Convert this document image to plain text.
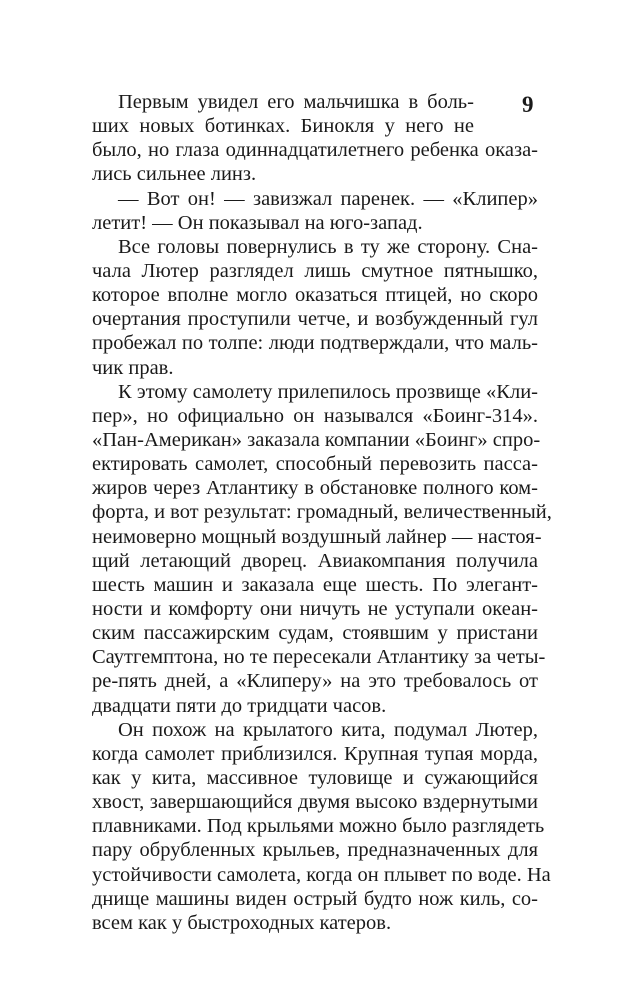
9
Первым увидел его мальчишка в боль-
ших новых ботинках. Бинокля у него не
было, но глаза одиннадцатилетнего ребенка оказа-
лись сильнее линз.
— Вот он! — завизжал паренек. — «Клипер»
летит! — Он показывал на юго-запад.
Все головы повернулись в ту же сторону. Сна-
чала Лютер разглядел лишь смутное пятнышко,
которое вполне могло оказаться птицей, но скоро
очертания проступили четче, и возбужденный гул
пробежал по толпе: люди подтверждали, что маль-
чик прав.
К этому самолету прилепилось прозвище «Кли-
пер», но официально он назывался «Боинг-314».
«Пан-Американ» заказала компании «Боинг» спро-
ектировать самолет, способный перевозить пасса-
жиров через Атлантику в обстановке полного ком-
форта, и вот результат: громадный, величественный,
неимоверно мощный воздушный лайнер — настоя-
щий летающий дворец. Авиакомпания получила
шесть машин и заказала еще шесть. По элегант-
ности и комфорту они ничуть не уступали океан-
ским пассажирским судам, стоявшим у пристани
Саутгемптона, но те пересекали Атлантику за четы-
ре-пять дней, а «Клиперу» на это требовалось от
двадцати пяти до тридцати часов.
Он похож на крылатого кита, подумал Лютер,
когда самолет приблизился. Крупная тупая морда,
как у кита, массивное туловище и сужающийся
хвост, завершающийся двумя высоко вздернутыми
плавниками. Под крыльями можно было разглядеть
пару обрубленных крыльев, предназначенных для
устойчивости самолета, когда он плывет по воде. На
днище машины виден острый будто нож киль, со-
всем как у быстроходных катеров.
